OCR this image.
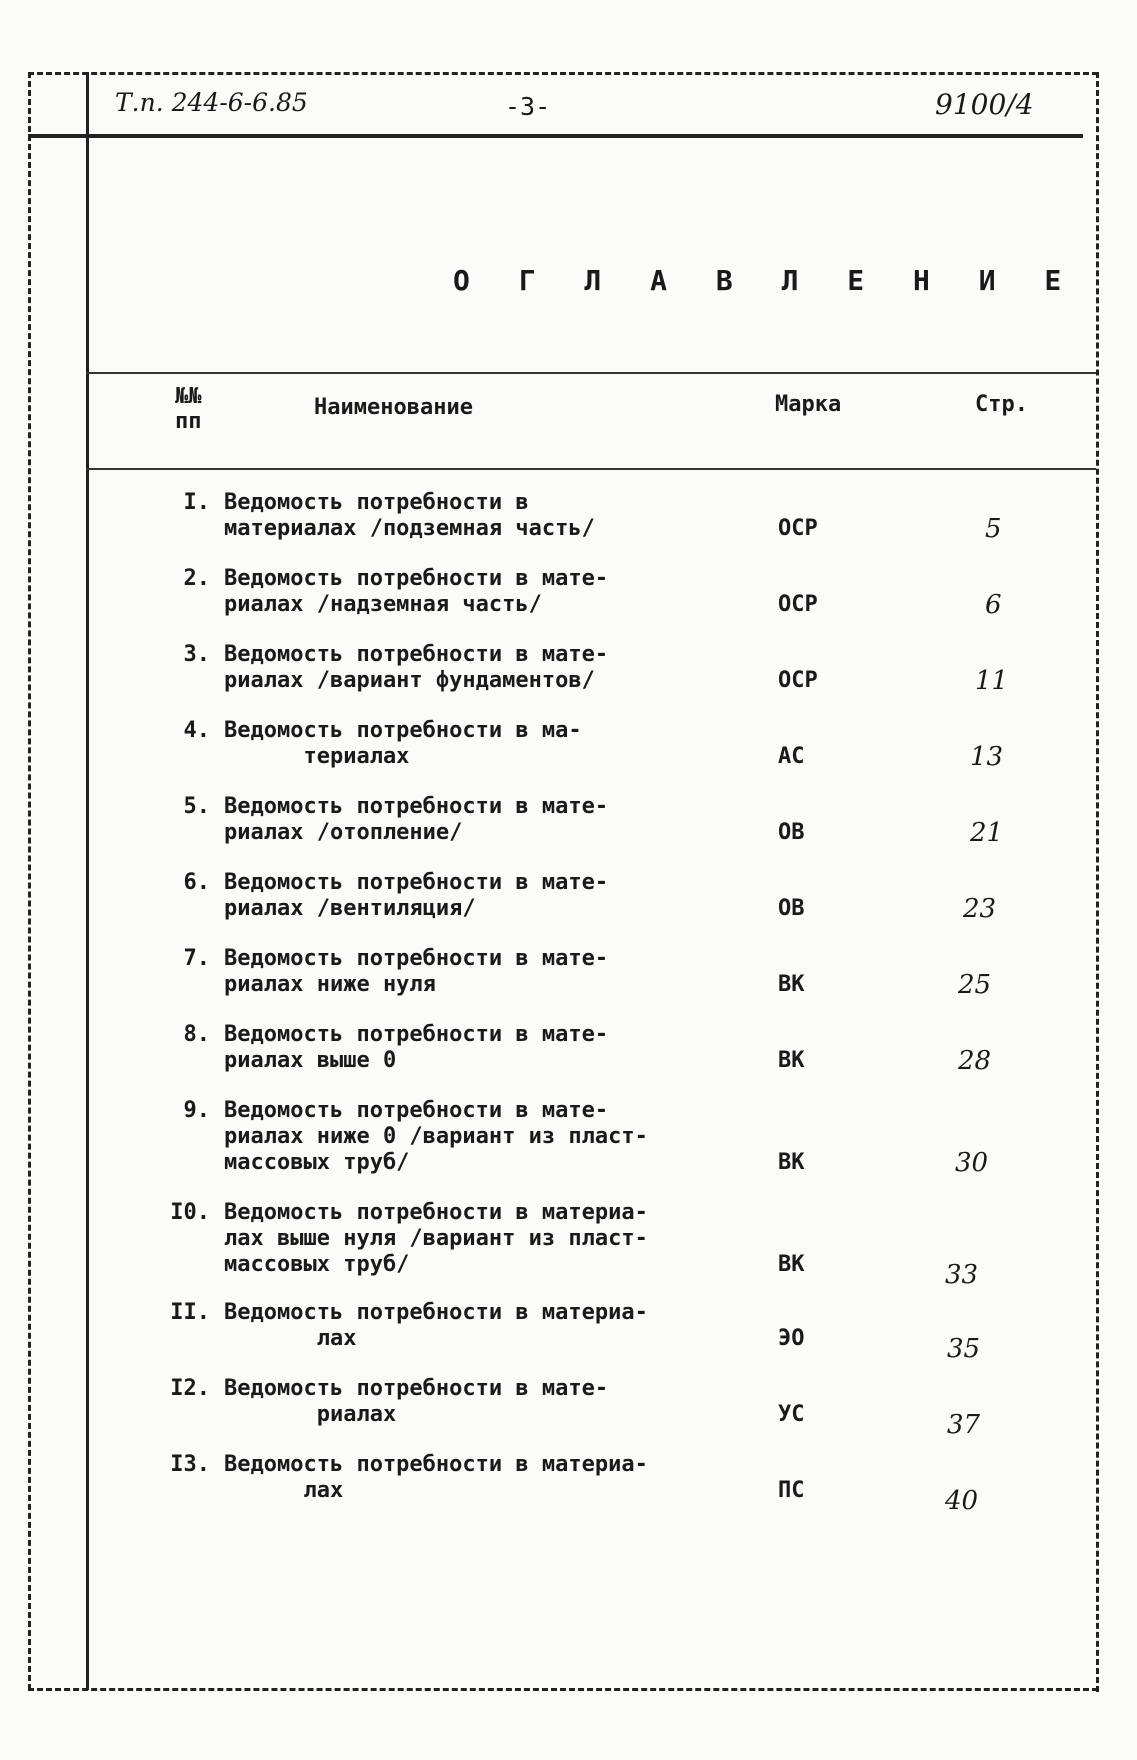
Т.п. 244-6-6.85	-3-	9100/4
О Г Л А В Л Е Н И Е
№№
пп
Наименование	Марка	Стр.
I. Ведомость потребности в
материалах /подземная часть/	ОСР	5
2. Ведомость потребности в мате-
риалах /надземная часть/	ОСР	6
3. Ведомость потребности в мате-
риалах /вариант фундаментов/	ОСР	11
4. Ведомость потребности в ма-
териалах	АС	13
5. Ведомость потребности в мате-
риалах /отопление/	ОВ	21
6. Ведомость потребности в мате-
риалах /вентиляция/	ОВ	23
7. Ведомость потребности в мате-
риалах ниже нуля	ВК	25
8. Ведомость потребности в мате-
риалах выше 0	ВК	28
9. Ведомость потребности в мате-
риалах ниже 0 /вариант из пласт-
массовых труб/	ВК	30
I0. Ведомость потребности в материа-
лах выше нуля /вариант из пласт-
массовых труб/	ВК	33
II. Ведомость потребности в материа-
лах	ЭО	35
I2. Ведомость потребности в мате-
риалах	УС	37
I3. Ведомость потребности в материа-
лах	ПС	40
